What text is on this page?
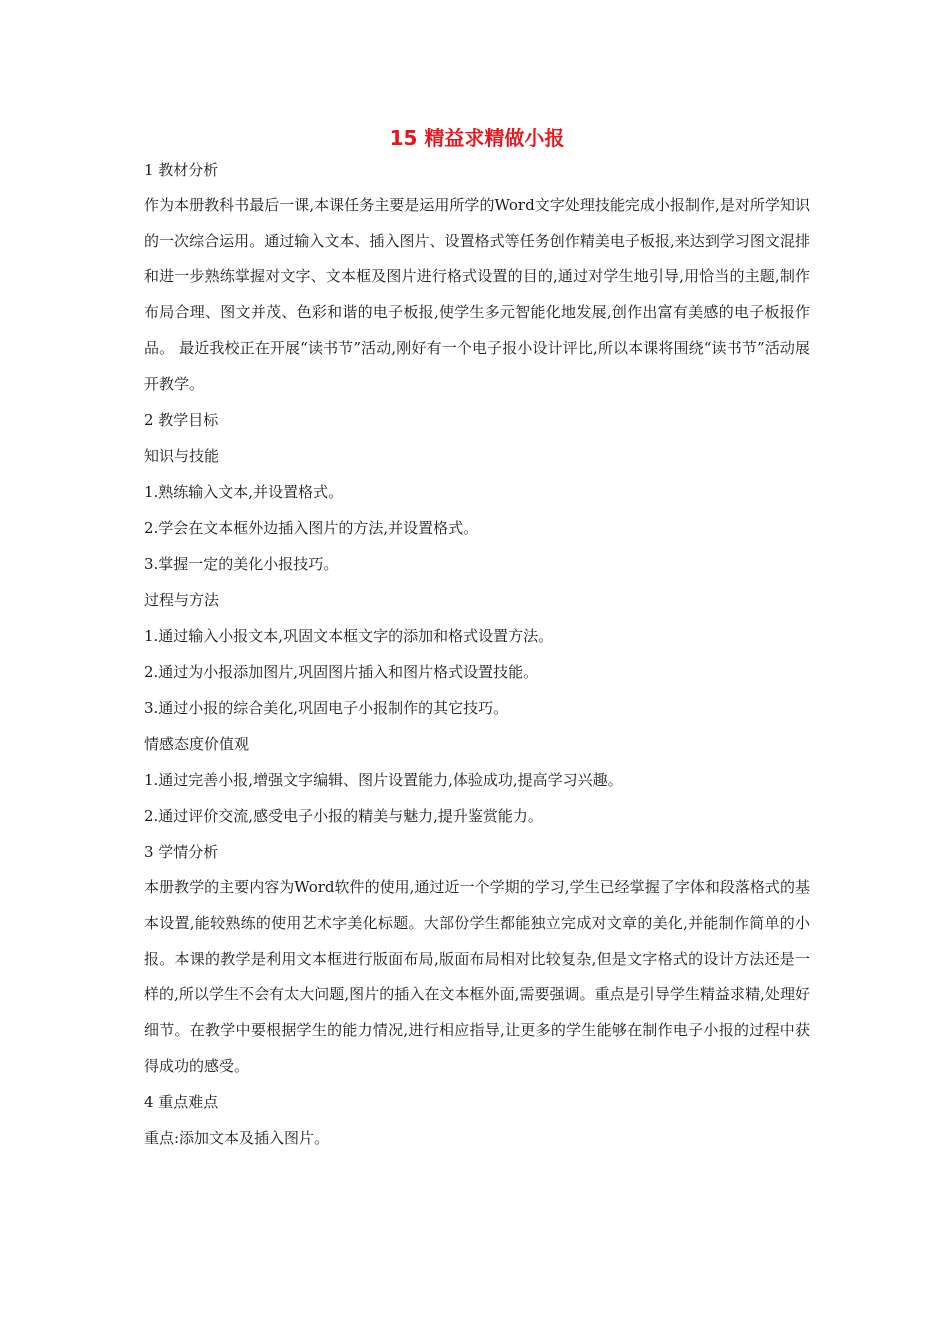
15 精益求精做小报

1 教材分析

作为本册教科书最后一课,本课任务主要是运用所学的Word文字处理技能完成小报制作,是对所学知识的一次综合运用。通过输入文本、插入图片、设置格式等任务创作精美电子板报,来达到学习图文混排和进一步熟练掌握对文字、文本框及图片进行格式设置的目的,通过对学生地引导,用恰当的主题,制作布局合理、图文并茂、色彩和谐的电子板报,使学生多元智能化地发展,创作出富有美感的电子板报作品。 最近我校正在开展“读书节”活动,刚好有一个电子报小设计评比,所以本课将围绕“读书节”活动展开教学。

2 教学目标

知识与技能

1.熟练输入文本,并设置格式。

2.学会在文本框外边插入图片的方法,并设置格式。

3.掌握一定的美化小报技巧。

过程与方法

1.通过输入小报文本,巩固文本框文字的添加和格式设置方法。

2.通过为小报添加图片,巩固图片插入和图片格式设置技能。

3.通过小报的综合美化,巩固电子小报制作的其它技巧。

情感态度价值观

1.通过完善小报,增强文字编辑、图片设置能力,体验成功,提高学习兴趣。

2.通过评价交流,感受电子小报的精美与魅力,提升鉴赏能力。

3 学情分析

本册教学的主要内容为Word软件的使用,通过近一个学期的学习,学生已经掌握了字体和段落格式的基本设置,能较熟练的使用艺术字美化标题。大部份学生都能独立完成对文章的美化,并能制作简单的小报。本课的教学是利用文本框进行版面布局,版面布局相对比较复杂,但是文字格式的设计方法还是一样的,所以学生不会有太大问题,图片的插入在文本框外面,需要强调。重点是引导学生精益求精,处理好细节。在教学中要根据学生的能力情况,进行相应指导,让更多的学生能够在制作电子小报的过程中获得成功的感受。

4 重点难点

重点:添加文本及插入图片。
